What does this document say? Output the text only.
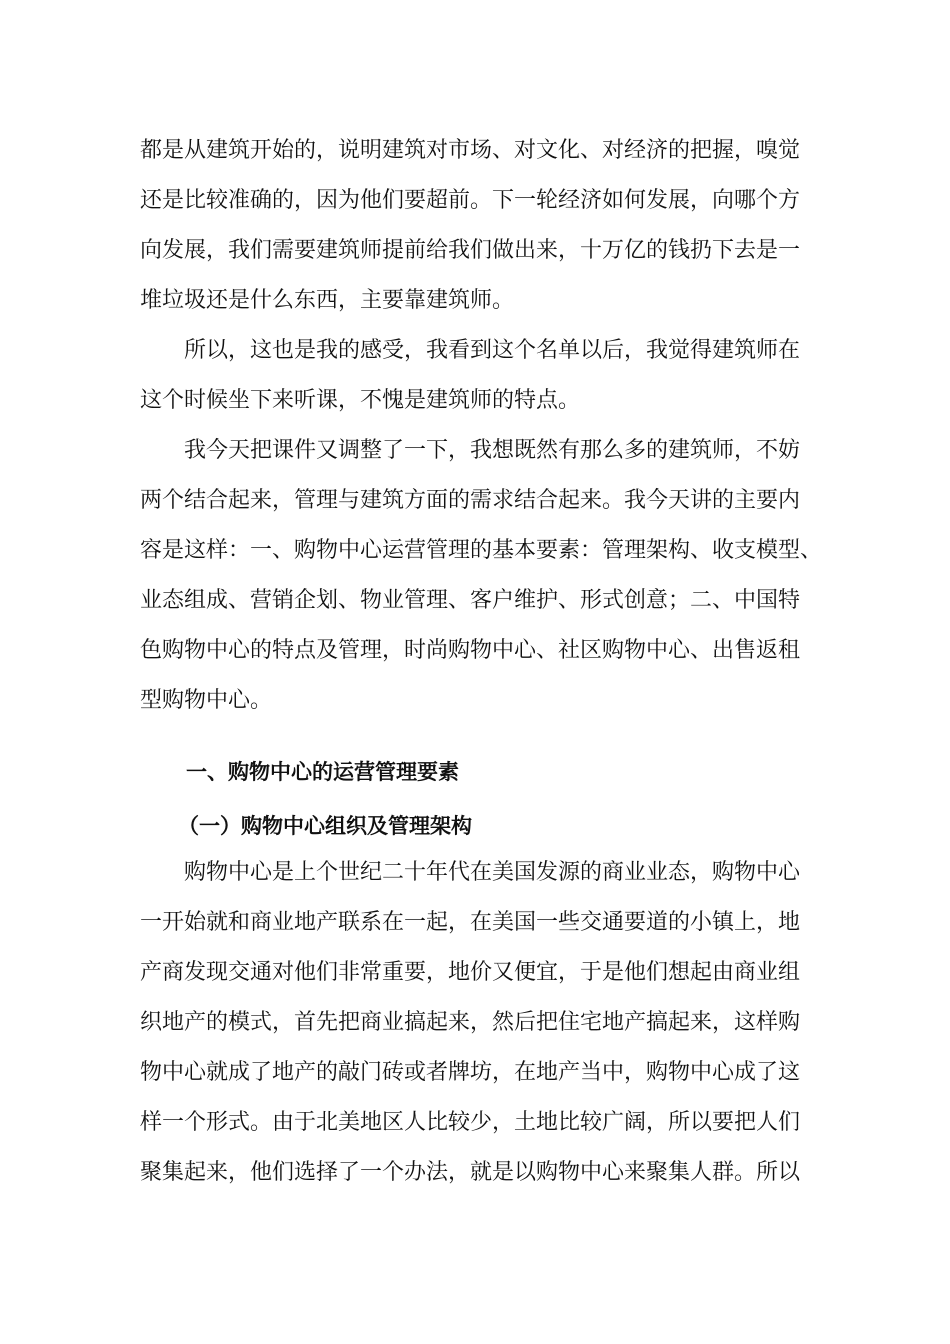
都是从建筑开始的，说明建筑对市场、对文化、对经济的把握，嗅觉
还是比较准确的，因为他们要超前。下一轮经济如何发展，向哪个方
向发展，我们需要建筑师提前给我们做出来，十万亿的钱扔下去是一
堆垃圾还是什么东西，主要靠建筑师。
所以，这也是我的感受，我看到这个名单以后，我觉得建筑师在
这个时候坐下来听课，不愧是建筑师的特点。
我今天把课件又调整了一下，我想既然有那么多的建筑师，不妨
两个结合起来，管理与建筑方面的需求结合起来。我今天讲的主要内
容是这样：一、购物中心运营管理的基本要素：管理架构、收支模型、
业态组成、营销企划、物业管理、客户维护、形式创意；二、中国特
色购物中心的特点及管理，时尚购物中心、社区购物中心、出售返租
型购物中心。
一、购物中心的运营管理要素
（一）购物中心组织及管理架构
购物中心是上个世纪二十年代在美国发源的商业业态，购物中心
一开始就和商业地产联系在一起，在美国一些交通要道的小镇上，地
产商发现交通对他们非常重要，地价又便宜，于是他们想起由商业组
织地产的模式，首先把商业搞起来，然后把住宅地产搞起来，这样购
物中心就成了地产的敲门砖或者牌坊，在地产当中，购物中心成了这
样一个形式。由于北美地区人比较少，土地比较广阔，所以要把人们
聚集起来，他们选择了一个办法，就是以购物中心来聚集人群。所以
